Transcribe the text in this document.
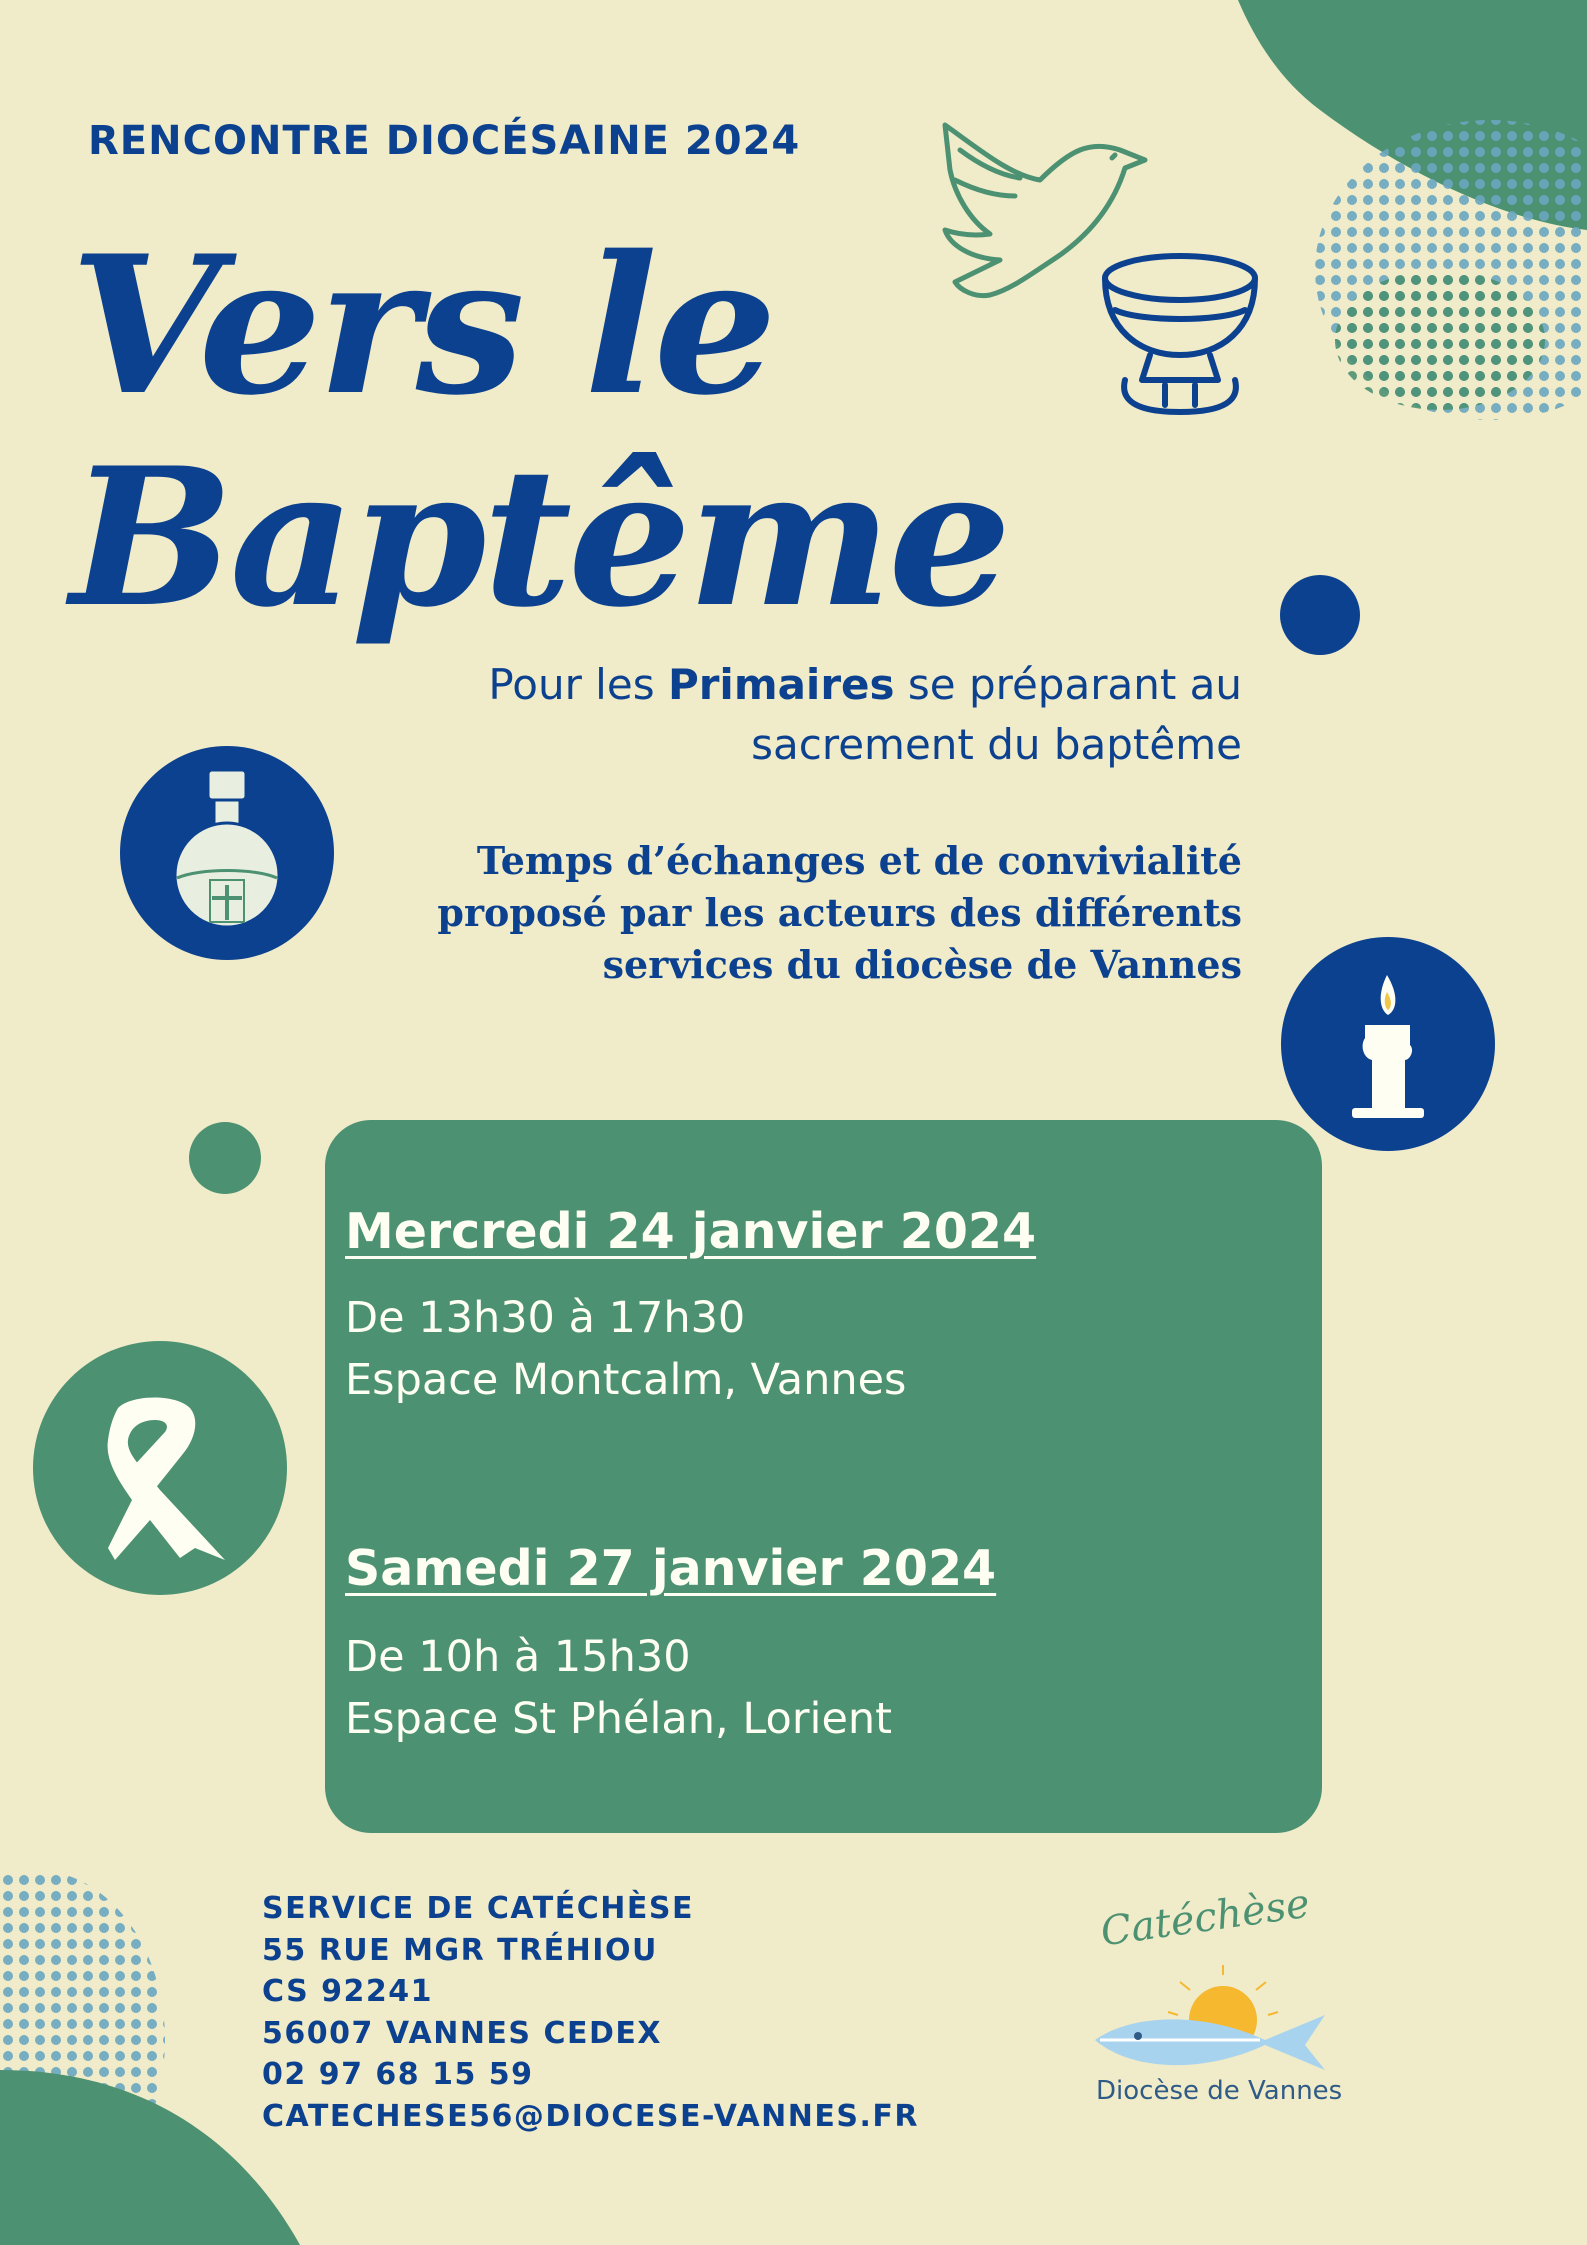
RENCONTRE DIOCÉSAINE 2024
Vers le
Baptême
Pour les Primaires se préparant au
sacrement du baptême
Temps d’échanges et de convivialité
proposé par les acteurs des différents
services du diocèse de Vannes
Mercredi 24 janvier 2024
De 13h30 à 17h30
Espace Montcalm, Vannes
Samedi 27 janvier 2024
De 10h à 15h30
Espace St Phélan, Lorient
SERVICE DE CATÉCHÈSE
55 RUE MGR TRÉHIOU
CS 92241
56007 VANNES CEDEX
02 97 68 15 59
CATECHESE56@DIOCESE-VANNES.FR
Catéchèse
Diocèse de Vannes
